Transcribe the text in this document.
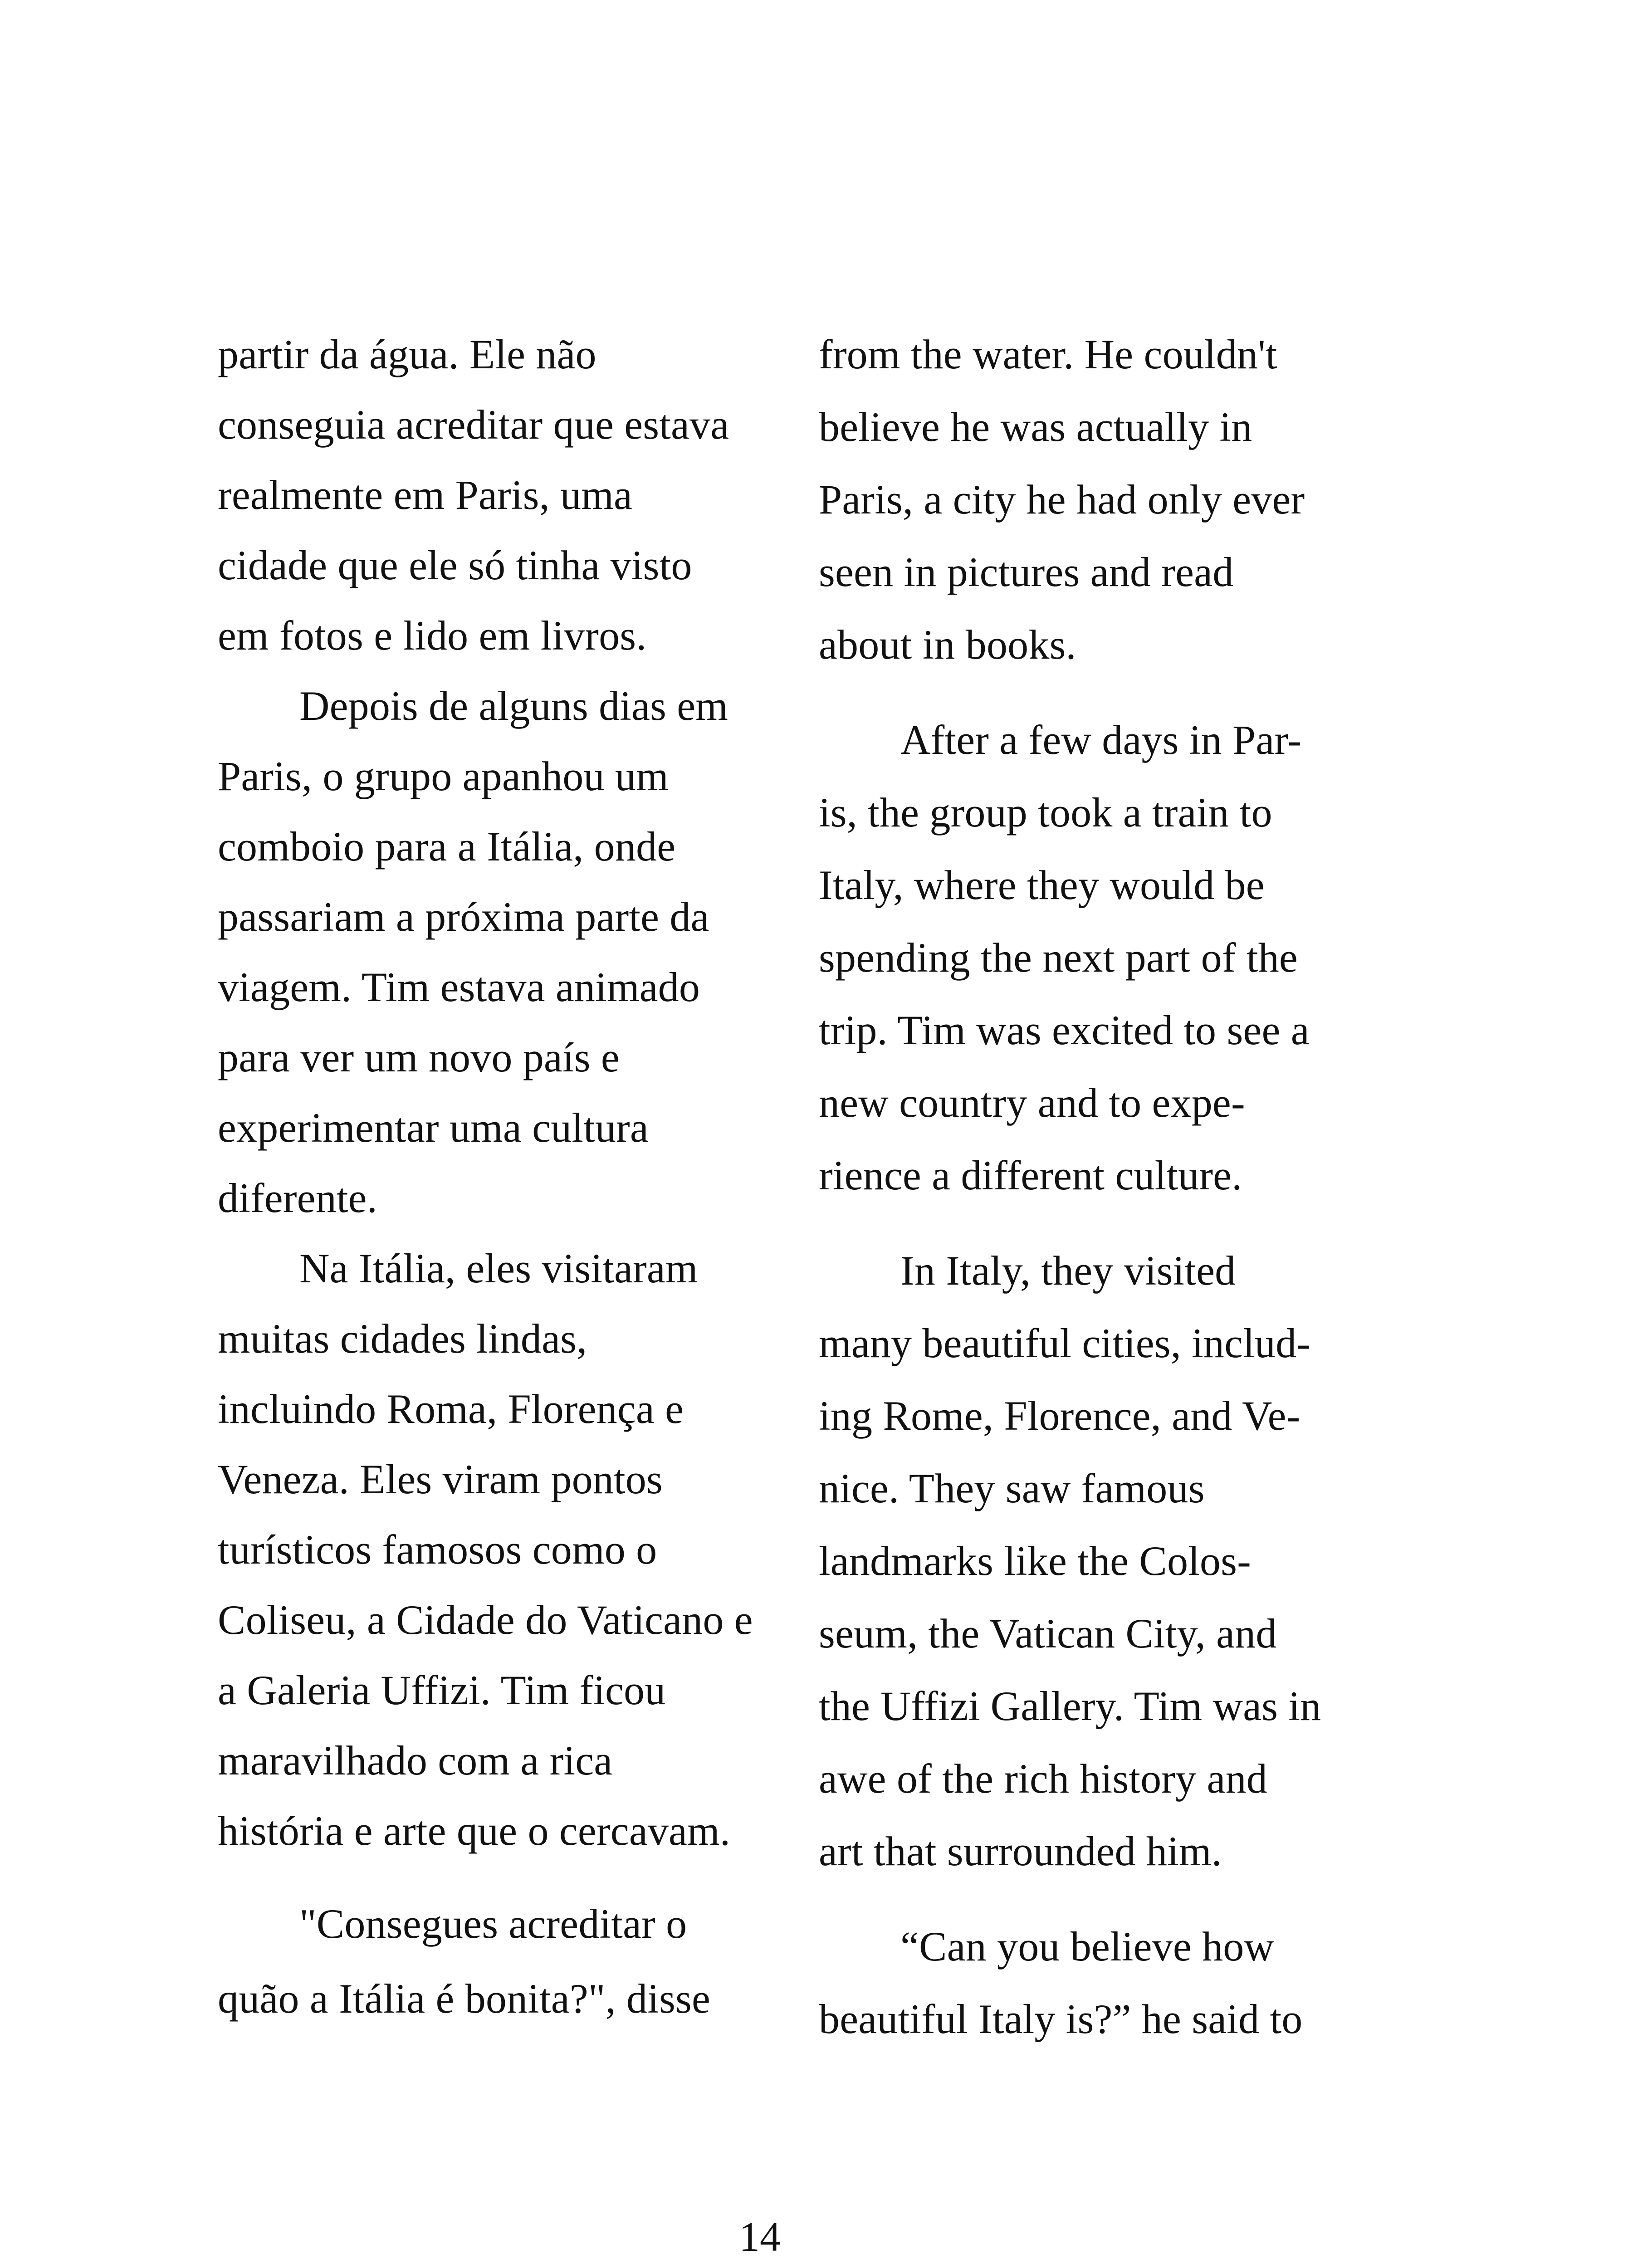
partir da água. Ele não
conseguia acreditar que estava
realmente em Paris, uma
cidade que ele só tinha visto
em fotos e lido em livros.
Depois de alguns dias em
Paris, o grupo apanhou um
comboio para a Itália, onde
passariam a próxima parte da
viagem. Tim estava animado
para ver um novo país e
experimentar uma cultura
diferente.
Na Itália, eles visitaram
muitas cidades lindas,
incluindo Roma, Florença e
Veneza. Eles viram pontos
turísticos famosos como o
Coliseu, a Cidade do Vaticano e
a Galeria Uffizi. Tim ficou
maravilhado com a rica
história e arte que o cercavam.
"Consegues acreditar o
quão a Itália é bonita?", disse
from the water. He couldn't
believe he was actually in
Paris, a city he had only ever
seen in pictures and read
about in books.
After a few days in Par-
is, the group took a train to
Italy, where they would be
spending the next part of the
trip. Tim was excited to see a
new country and to expe-
rience a different culture.
In Italy, they visited
many beautiful cities, includ-
ing Rome, Florence, and Ve-
nice. They saw famous
landmarks like the Colos-
seum, the Vatican City, and
the Uffizi Gallery. Tim was in
awe of the rich history and
art that surrounded him.
“Can you believe how
beautiful Italy is?” he said to
14
